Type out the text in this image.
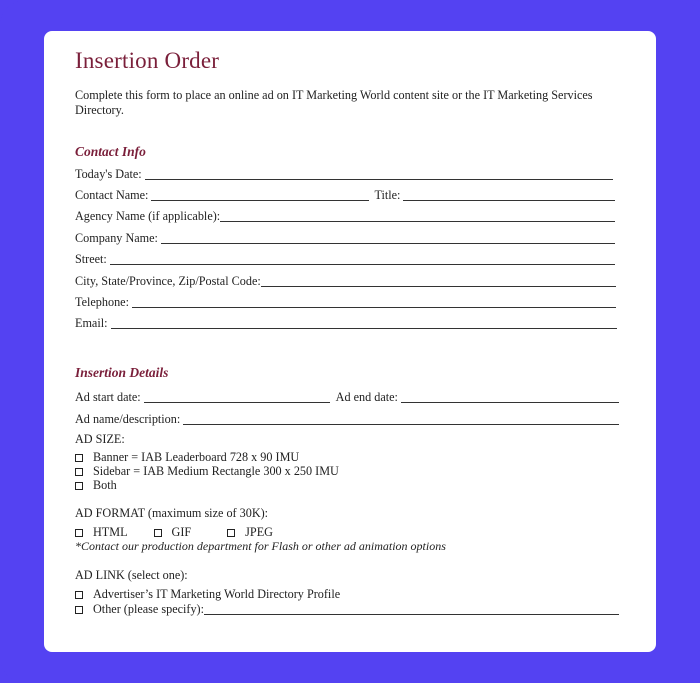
Insertion Order
Complete this form to place an online ad on IT Marketing World content site or the IT Marketing Services Directory.
Contact Info
Today's Date:
Contact Name:	Title:
Agency Name (if applicable):
Company Name:
Street:
City, State/Province, Zip/Postal Code:
Telephone:
Email:
Insertion Details
Ad start date:	Ad end date:
Ad name/description:
AD SIZE:
Banner = IAB Leaderboard 728 x 90 IMU
Sidebar = IAB Medium Rectangle 300 x 250 IMU
Both
AD FORMAT (maximum size of 30K):
HTML	GIF	JPEG
*Contact our production department for Flash or other ad animation options
AD LINK (select one):
Advertiser’s IT Marketing World Directory Profile
Other (please specify):
